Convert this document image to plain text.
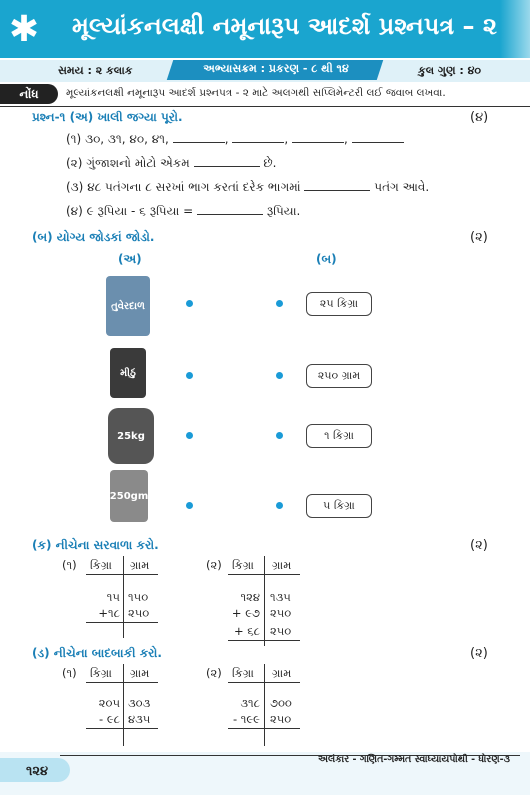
✱ મૂલ્યાંકનલક્ષી નમૂનારૂપ આદર્શ પ્રશ્નપત્ર – ૨
સમય : ૨ કલાક	અભ્યાસક્રમ : પ્રકરણ - ૮ થી ૧૪	કુલ ગુણ : ૪૦
નોંધ	મૂલ્યાંકનલક્ષી નમૂનારૂપ આદર્શ પ્રશ્નપત્ર - ૨ માટે અલગથી સપ્લિમેન્ટરી લઈ જવાબ લખવા.
પ્રશ્ન-૧ (અ) ખાલી જગ્યા પૂરો.	(૪)
(૧) ૩૦, ૩૧, ૪૦, ૪૧,	,	,	,
(૨) ગુંજાશનો મોટો એકમ	છે.
(૩) ૪૮ પતંગના ૮ સરખાં ભાગ કરતાં દરેક ભાગમાં	પતંગ આવે.
(૪) ૯ રૂપિયા - ૬ રૂપિયા =	રૂપિયા.
(બ) યોગ્ય જોડકાં જોડો.	(૨)
(અ)	(બ)
તુવેરદાળ
મીઠું
25kg
250gm
૨૫ કિગ્રા
૨૫૦ ગ્રામ
૧ કિગ્રા
૫ કિગ્રા
(ક) નીચેના સરવાળા કરો.	(૨)
(૧) કિગ્રા ગ્રામ
૧૫ ૧૫૦
+૧૮ ૨૫૦
(૨) કિગ્રા ગ્રામ
૧૨૪ ૧૩૫
+ ૯૭ ૨૫૦
+ ૬૮ ૨૫૦
(ડ) નીચેના બાદબાકી કરો.	(૨)
(૧) કિગ્રા ગ્રામ
૨૦૫ ૩૦૩
- ૯૮ ૪૩૫
(૨) કિગ્રા ગ્રામ
૩૧૮ ૭૦૦
- ૧૯૯ ૨૫૦
૧૨૪
અલંકાર - ગણિત-ગમ્મત સ્વાધ્યાયપોથી - ધોરણ-૩
